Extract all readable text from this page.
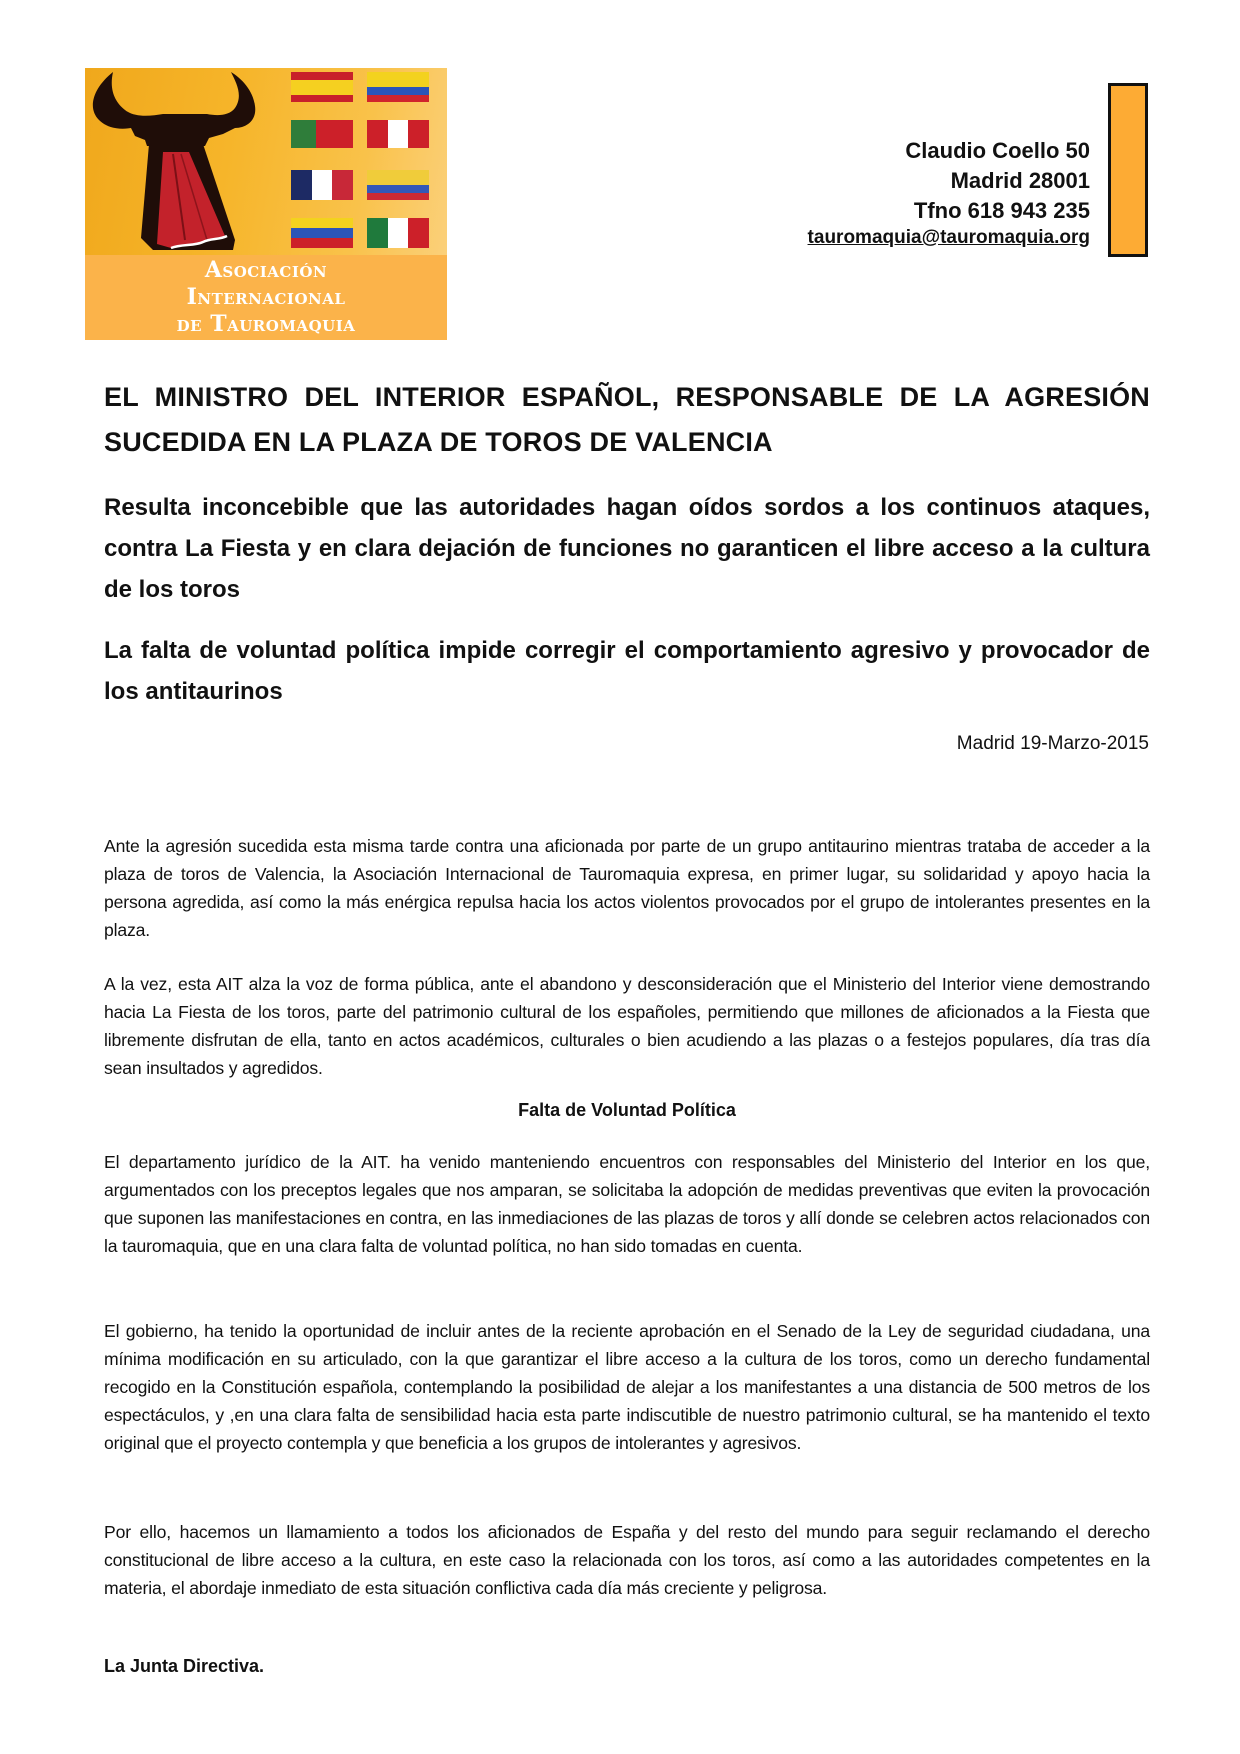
Asociación
Internacional
de Tauromaquia
Claudio Coello 50
Madrid 28001
Tfno 618 943 235
tauromaquia@tauromaquia.org
EL MINISTRO DEL INTERIOR ESPAÑOL, RESPONSABLE DE LA AGRESIÓN SUCEDIDA EN LA PLAZA DE TOROS DE VALENCIA
Resulta inconcebible que las autoridades hagan oídos sordos a los continuos ataques, contra La Fiesta y en clara dejación de funciones no garanticen el libre acceso a la cultura de los toros
La falta de voluntad política impide corregir el comportamiento agresivo y provocador de los antitaurinos
Madrid 19-Marzo-2015
Ante la agresión sucedida esta misma tarde contra una aficionada por parte de un grupo antitaurino mientras trataba de acceder a la plaza de toros de Valencia, la Asociación Internacional de Tauromaquia expresa, en primer lugar, su solidaridad y apoyo hacia la persona agredida, así como la más enérgica repulsa hacia los actos violentos provocados por el grupo de intolerantes presentes en la plaza.
A la vez, esta AIT alza la voz de forma pública, ante el abandono y desconsideración que el Ministerio del Interior viene demostrando hacia La Fiesta de los toros, parte del patrimonio cultural de los españoles, permitiendo que millones de aficionados a la Fiesta que libremente disfrutan de ella, tanto en actos académicos, culturales o bien acudiendo a las plazas o a festejos populares, día tras día sean insultados y agredidos.
Falta de Voluntad Política
El departamento jurídico de la AIT. ha venido manteniendo encuentros con responsables del Ministerio del Interior en los que, argumentados con los preceptos legales que nos amparan, se solicitaba la adopción de medidas preventivas que eviten la provocación que suponen las manifestaciones en contra, en las inmediaciones de las plazas de toros y allí donde se celebren actos relacionados con la tauromaquia, que en una clara falta de voluntad política, no han sido tomadas en cuenta.
El gobierno, ha tenido la oportunidad de incluir antes de la reciente aprobación en el Senado de la Ley de seguridad ciudadana, una mínima modificación en su articulado, con la que garantizar el libre acceso a la cultura de los toros, como un derecho fundamental recogido en la Constitución española, contemplando la posibilidad de alejar a los manifestantes a una distancia de 500 metros de los espectáculos, y ,en una clara falta de sensibilidad hacia esta parte indiscutible de nuestro patrimonio cultural, se ha mantenido el texto original que el proyecto contempla y que beneficia a los grupos de intolerantes y agresivos.
Por ello, hacemos un llamamiento a todos los aficionados de España y del resto del mundo para seguir reclamando el derecho constitucional de libre acceso a la cultura, en este caso la relacionada con los toros, así como a las autoridades competentes en la materia, el abordaje inmediato de esta situación conflictiva cada día más creciente y peligrosa.
La Junta Directiva.
